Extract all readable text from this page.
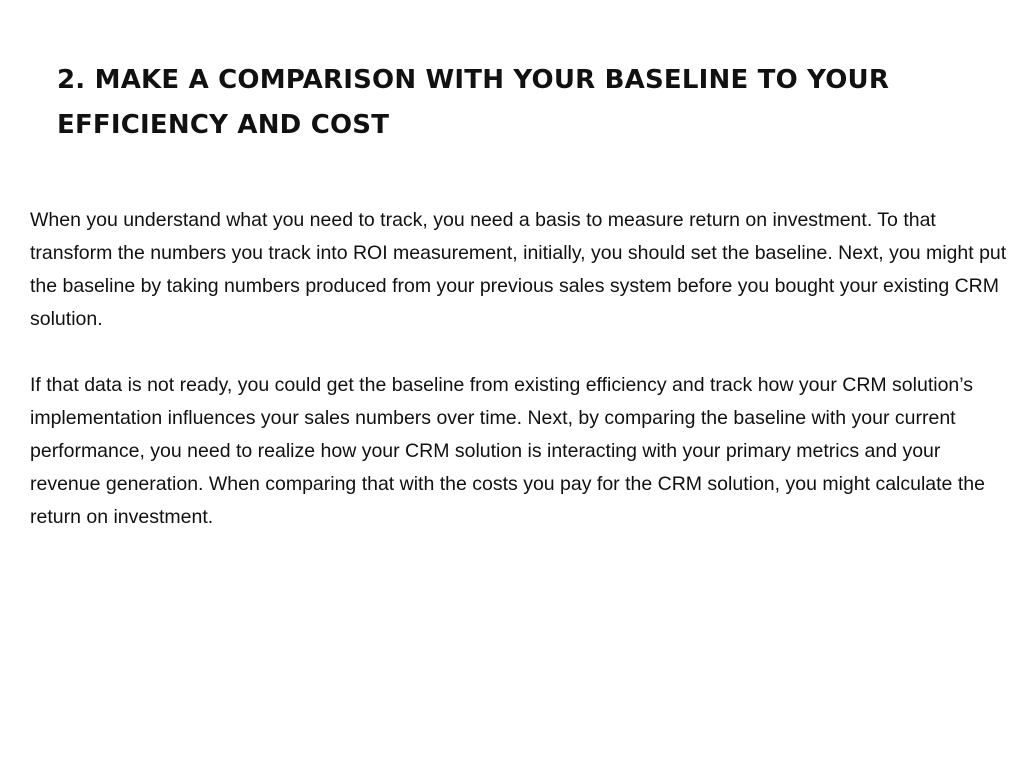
2. MAKE A COMPARISON WITH YOUR BASELINE TO YOUR EFFICIENCY AND COST

When you understand what you need to track, you need a basis to measure return on investment. To that transform the numbers you track into ROI measurement, initially, you should set the baseline. Next, you might put the baseline by taking numbers produced from your previous sales system before you bought your existing CRM solution.

If that data is not ready, you could get the baseline from existing efficiency and track how your CRM solution’s implementation influences your sales numbers over time. Next, by comparing the baseline with your current performance, you need to realize how your CRM solution is interacting with your primary metrics and your revenue generation. When comparing that with the costs you pay for the CRM solution, you might calculate the return on investment.
